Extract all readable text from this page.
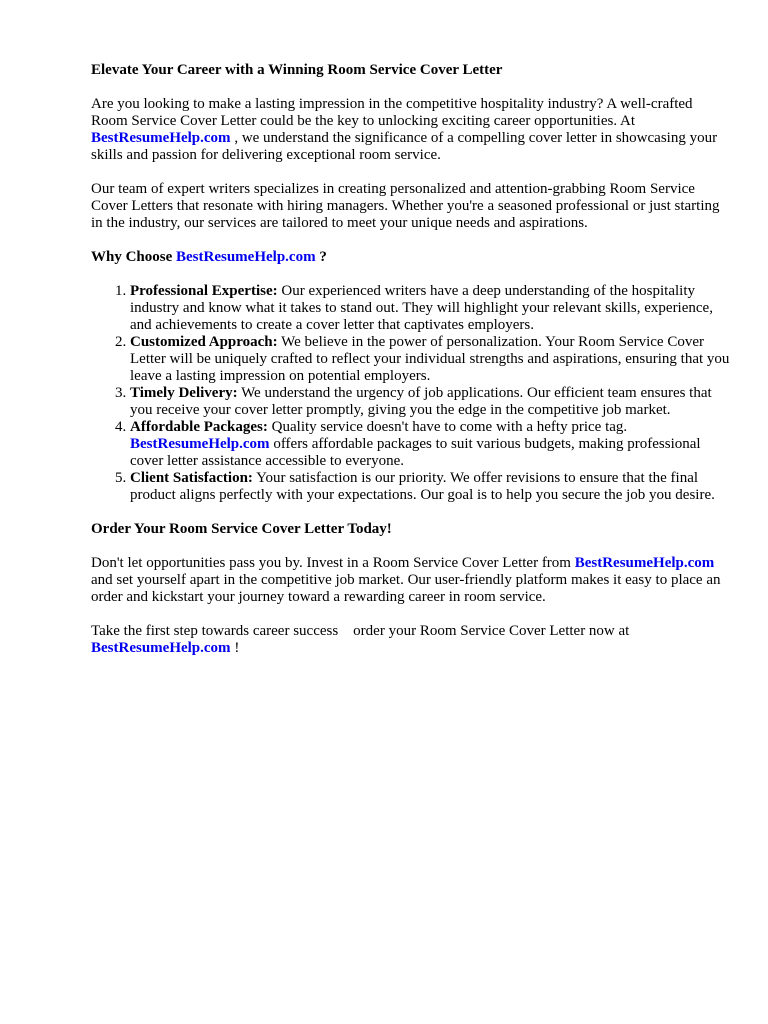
Elevate Your Career with a Winning Room Service Cover Letter

Are you looking to make a lasting impression in the competitive hospitality industry? A well-crafted Room Service Cover Letter could be the key to unlocking exciting career opportunities. At BestResumeHelp.com , we understand the significance of a compelling cover letter in showcasing your skills and passion for delivering exceptional room service.

Our team of expert writers specializes in creating personalized and attention-grabbing Room Service Cover Letters that resonate with hiring managers. Whether you're a seasoned professional or just starting in the industry, our services are tailored to meet your unique needs and aspirations.

Why Choose BestResumeHelp.com ?

1. Professional Expertise: Our experienced writers have a deep understanding of the hospitality industry and know what it takes to stand out. They will highlight your relevant skills, experience, and achievements to create a cover letter that captivates employers.
2. Customized Approach: We believe in the power of personalization. Your Room Service Cover Letter will be uniquely crafted to reflect your individual strengths and aspirations, ensuring that you leave a lasting impression on potential employers.
3. Timely Delivery: We understand the urgency of job applications. Our efficient team ensures that you receive your cover letter promptly, giving you the edge in the competitive job market.
4. Affordable Packages: Quality service doesn't have to come with a hefty price tag. BestResumeHelp.com offers affordable packages to suit various budgets, making professional cover letter assistance accessible to everyone.
5. Client Satisfaction: Your satisfaction is our priority. We offer revisions to ensure that the final product aligns perfectly with your expectations. Our goal is to help you secure the job you desire.

Order Your Room Service Cover Letter Today!

Don't let opportunities pass you by. Invest in a Room Service Cover Letter from BestResumeHelp.com and set yourself apart in the competitive job market. Our user-friendly platform makes it easy to place an order and kickstart your journey toward a rewarding career in room service.

Take the first step towards career success    order your Room Service Cover Letter now at BestResumeHelp.com !
